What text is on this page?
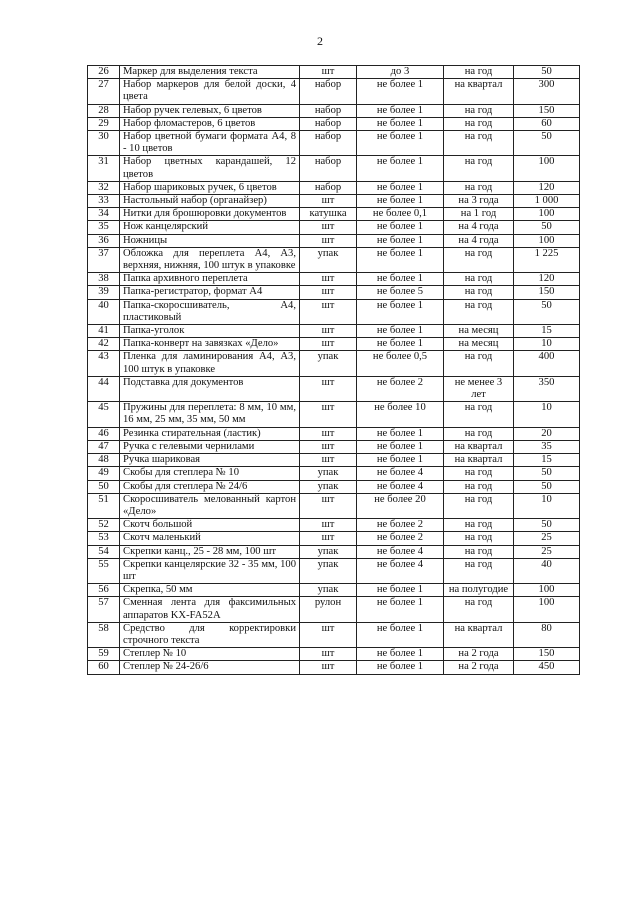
2
26	Маркер для выделения текста	шт	до 3	на год	50
27	Набор маркеров для белой доски, 4 цвета	набор	не более 1	на квартал	300
28	Набор ручек гелевых, 6 цветов	набор	не более 1	на год	150
29	Набор фломастеров, 6 цветов	набор	не более 1	на год	60
30	Набор цветной бумаги формата А4, 8 - 10 цветов	набор	не более 1	на год	50
31	Набор цветных карандашей, 12 цветов	набор	не более 1	на год	100
32	Набор шариковых ручек, 6 цветов	набор	не более 1	на год	120
33	Настольный набор (органайзер)	шт	не более 1	на 3 года	1 000
34	Нитки для брошюровки документов	катушка	не более 0,1	на 1 год	100
35	Нож канцелярский	шт	не более 1	на 4 года	50
36	Ножницы	шт	не более 1	на 4 года	100
37	Обложка для переплета А4, А3, верхняя, нижняя, 100 штук в упаковке	упак	не более 1	на год	1 225
38	Папка архивного переплета	шт	не более 1	на год	120
39	Папка-регистратор, формат А4	шт	не более 5	на год	150
40	Папка-скоросшиватель, А4, пластиковый	шт	не более 1	на год	50
41	Папка-уголок	шт	не более 1	на месяц	15
42	Папка-конверт на завязках «Дело»	шт	не более 1	на месяц	10
43	Пленка для ламинирования А4, А3, 100 штук в упаковке	упак	не более 0,5	на год	400
44	Подставка для документов	шт	не более 2	не менее 3 лет	350
45	Пружины для переплета: 8 мм, 10 мм, 16 мм, 25 мм, 35 мм, 50 мм	шт	не более 10	на год	10
46	Резинка стирательная (ластик)	шт	не более 1	на год	20
47	Ручка с гелевыми чернилами	шт	не более 1	на квартал	35
48	Ручка шариковая	шт	не более 1	на квартал	15
49	Скобы для степлера № 10	упак	не более 4	на год	50
50	Скобы для степлера № 24/6	упак	не более 4	на год	50
51	Скоросшиватель мелованный картон «Дело»	шт	не более 20	на год	10
52	Скотч большой	шт	не более 2	на год	50
53	Скотч маленький	шт	не более 2	на год	25
54	Скрепки канц., 25 - 28 мм, 100 шт	упак	не более 4	на год	25
55	Скрепки канцелярские 32 - 35 мм, 100 шт	упак	не более 4	на год	40
56	Скрепка, 50 мм	упак	не более 1	на полугодие	100
57	Сменная лента для факсимильных аппаратов KX-FA52A	рулон	не более 1	на год	100
58	Средство для корректировки строчного текста	шт	не более 1	на квартал	80
59	Степлер № 10	шт	не более 1	на 2 года	150
60	Степлер № 24-26/6	шт	не более 1	на 2 года	450
